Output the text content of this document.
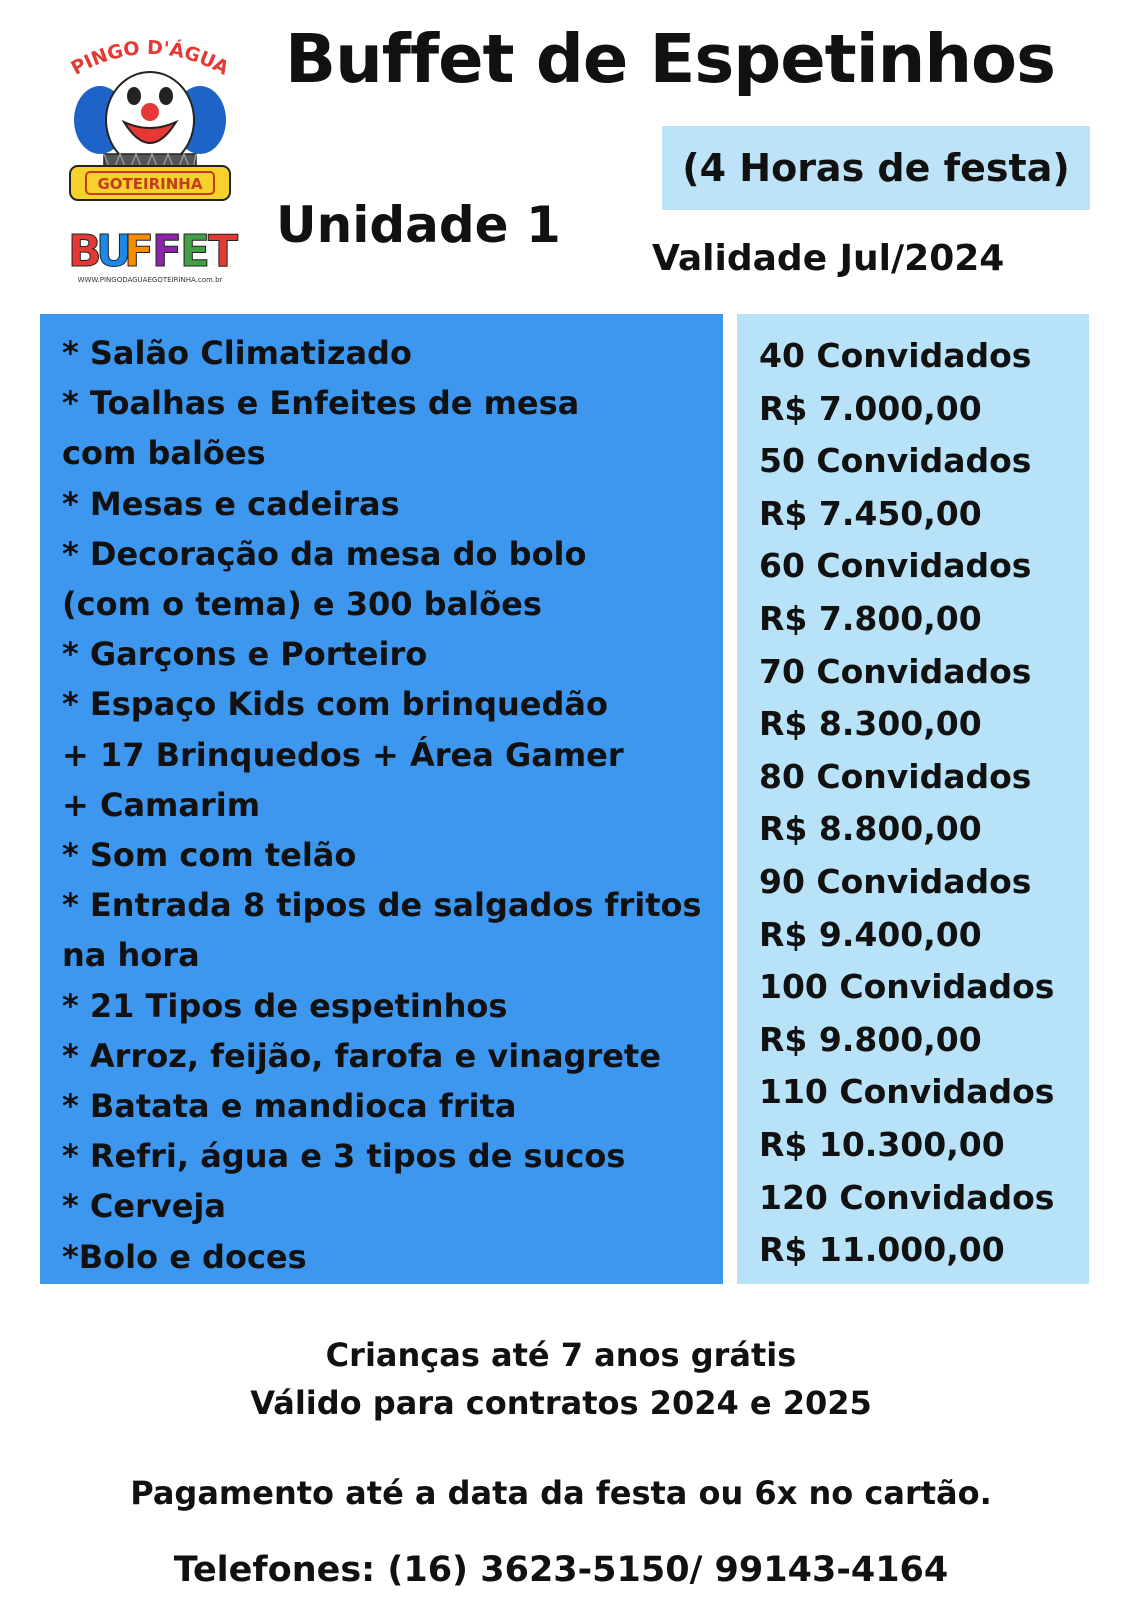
PINGO D'ÁGUA
GOTEIRINHA
B
U
F
F
E
T
WWW.PINGODAGUAEGOTEIRINHA.com.br
Buffet de Espetinhos
(4 Horas de festa)
Unidade 1
Validade Jul/2024
* Salão Climatizado
* Toalhas e Enfeites de mesa
com balões
* Mesas e cadeiras
* Decoração da mesa do bolo
(com o tema) e 300 balões
* Garçons e Porteiro
* Espaço Kids com brinquedão
+ 17 Brinquedos + Área Gamer
+ Camarim
* Som com telão
* Entrada 8 tipos de salgados fritos
na hora
* 21 Tipos de espetinhos
* Arroz, feijão, farofa e vinagrete
* Batata e mandioca frita
* Refri, água e 3 tipos de sucos
* Cerveja
*Bolo e doces
40 Convidados
R$ 7.000,00
50 Convidados
R$ 7.450,00
60 Convidados
R$ 7.800,00
70 Convidados
R$ 8.300,00
80 Convidados
R$ 8.800,00
90 Convidados
R$ 9.400,00
100 Convidados
R$ 9.800,00
110 Convidados
R$ 10.300,00
120 Convidados
R$ 11.000,00
Crianças até 7 anos grátis
Válido para contratos 2024 e 2025
Pagamento até a data da festa ou 6x no cartão.
Telefones: (16) 3623-5150/ 99143-4164
